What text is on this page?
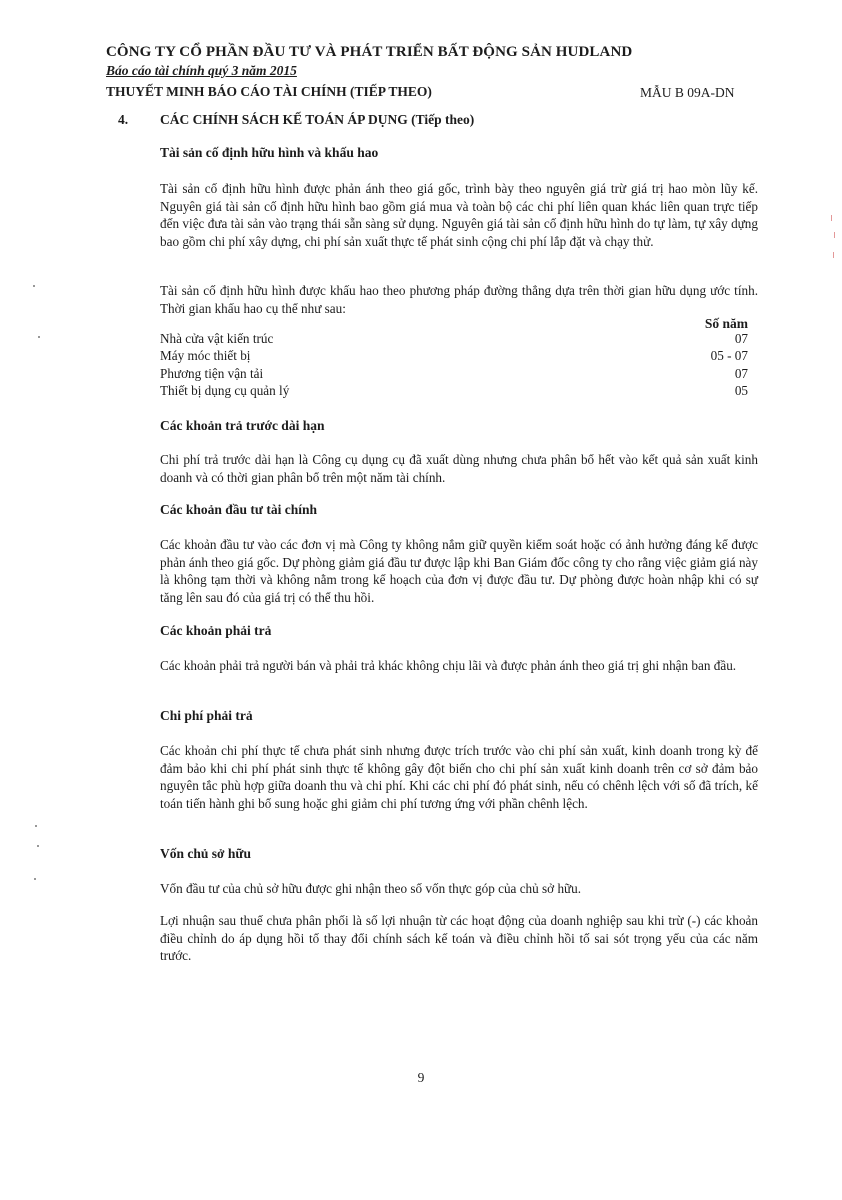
CÔNG TY CỔ PHẦN ĐẦU TƯ VÀ PHÁT TRIỂN BẤT ĐỘNG SẢN HUDLAND
Báo cáo tài chính quý 3 năm 2015
THUYẾT MINH BÁO CÁO TÀI CHÍNH (TIẾP THEO)	MẪU B 09A-DN
4. CÁC CHÍNH SÁCH KẾ TOÁN ÁP DỤNG (Tiếp theo)
Tài sản cố định hữu hình và khấu hao
Tài sản cố định hữu hình được phản ánh theo giá gốc, trình bày theo nguyên giá trừ giá trị hao mòn lũy kế. Nguyên giá tài sản cố định hữu hình bao gồm giá mua và toàn bộ các chi phí liên quan khác liên quan trực tiếp đến việc đưa tài sản vào trạng thái sẵn sàng sử dụng. Nguyên giá tài sản cố định hữu hình do tự làm, tự xây dựng bao gồm chi phí xây dựng, chi phí sản xuất thực tế phát sinh cộng chi phí lắp đặt và chạy thử.
Tài sản cố định hữu hình được khấu hao theo phương pháp đường thẳng dựa trên thời gian hữu dụng ước tính. Thời gian khấu hao cụ thể như sau:
Số năm
Nhà cửa vật kiến trúc	07
Máy móc thiết bị	05 - 07
Phương tiện vận tải	07
Thiết bị dụng cụ quản lý	05
Các khoản trả trước dài hạn
Chi phí trả trước dài hạn là Công cụ dụng cụ đã xuất dùng nhưng chưa phân bổ hết vào kết quả sản xuất kinh doanh và có thời gian phân bổ trên một năm tài chính.
Các khoản đầu tư tài chính
Các khoản đầu tư vào các đơn vị mà Công ty không nắm giữ quyền kiểm soát hoặc có ảnh hưởng đáng kể được phản ánh theo giá gốc. Dự phòng giảm giá đầu tư được lập khi Ban Giám đốc công ty cho rằng việc giảm giá này là không tạm thời và không nằm trong kế hoạch của đơn vị được đầu tư. Dự phòng được hoàn nhập khi có sự tăng lên sau đó của giá trị có thể thu hồi.
Các khoản phải trả
Các khoản phải trả người bán và phải trả khác không chịu lãi và được phản ánh theo giá trị ghi nhận ban đầu.
Chi phí phải trả
Các khoản chi phí thực tế chưa phát sinh nhưng được trích trước vào chi phí sản xuất, kinh doanh trong kỳ để đảm bảo khi chi phí phát sinh thực tế không gây đột biến cho chi phí sản xuất kinh doanh trên cơ sở đảm bảo nguyên tắc phù hợp giữa doanh thu và chi phí. Khi các chi phí đó phát sinh, nếu có chênh lệch với số đã trích, kế toán tiến hành ghi bổ sung hoặc ghi giảm chi phí tương ứng với phần chênh lệch.
Vốn chủ sở hữu
Vốn đầu tư của chủ sở hữu được ghi nhận theo số vốn thực góp của chủ sở hữu.
Lợi nhuận sau thuế chưa phân phối là số lợi nhuận từ các hoạt động của doanh nghiệp sau khi trừ (-) các khoản điều chỉnh do áp dụng hồi tố thay đổi chính sách kế toán và điều chỉnh hồi tố sai sót trọng yếu của các năm trước.
9
